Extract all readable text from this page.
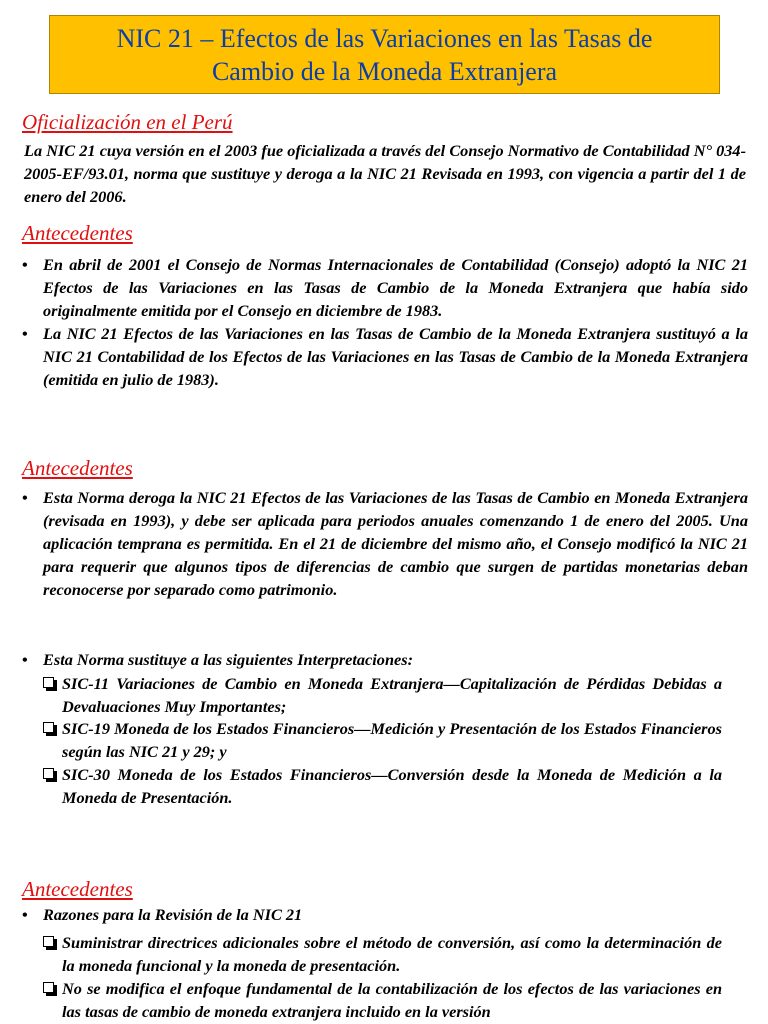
NIC 21 – Efectos de las Variaciones en las Tasas de
Cambio de la Moneda Extranjera
Oficialización en el Perú
La NIC 21 cuya versión en el 2003 fue oficializada a través del Consejo Normativo de Contabilidad N° 034-2005-EF/93.01, norma que sustituye y deroga a la NIC 21 Revisada en 1993, con vigencia a partir del 1 de enero del 2006.
Antecedentes
• En abril de 2001 el Consejo de Normas Internacionales de Contabilidad (Consejo) adoptó la NIC 21 Efectos de las Variaciones en las Tasas de Cambio de la Moneda Extranjera que había sido originalmente emitida por el Consejo en diciembre de 1983.
• La NIC 21 Efectos de las Variaciones en las Tasas de Cambio de la Moneda Extranjera sustituyó a la NIC 21 Contabilidad de los Efectos de las Variaciones en las Tasas de Cambio de la Moneda Extranjera (emitida en julio de 1983).
Antecedentes
• Esta Norma deroga la NIC 21 Efectos de las Variaciones de las Tasas de Cambio en Moneda Extranjera (revisada en 1993), y debe ser aplicada para periodos anuales comenzando 1 de enero del 2005. Una aplicación temprana es permitida. En el 21 de diciembre del mismo año, el Consejo modificó la NIC 21 para requerir que algunos tipos de diferencias de cambio que surgen de partidas monetarias deban reconocerse por separado como patrimonio.
• Esta Norma sustituye a las siguientes Interpretaciones:
SIC-11 Variaciones de Cambio en Moneda Extranjera—Capitalización de Pérdidas Debidas a Devaluaciones Muy Importantes;
SIC-19 Moneda de los Estados Financieros—Medición y Presentación de los Estados Financieros según las NIC 21 y 29; y
SIC-30 Moneda de los Estados Financieros—Conversión desde la Moneda de Medición a la Moneda de Presentación.
Antecedentes
• Razones para la Revisión de la NIC 21
Suministrar directrices adicionales sobre el método de conversión, así como la determinación de la moneda funcional y la moneda de presentación.
No se modifica el enfoque fundamental de la contabilización de los efectos de las variaciones en las tasas de cambio de moneda extranjera incluido en la versión
